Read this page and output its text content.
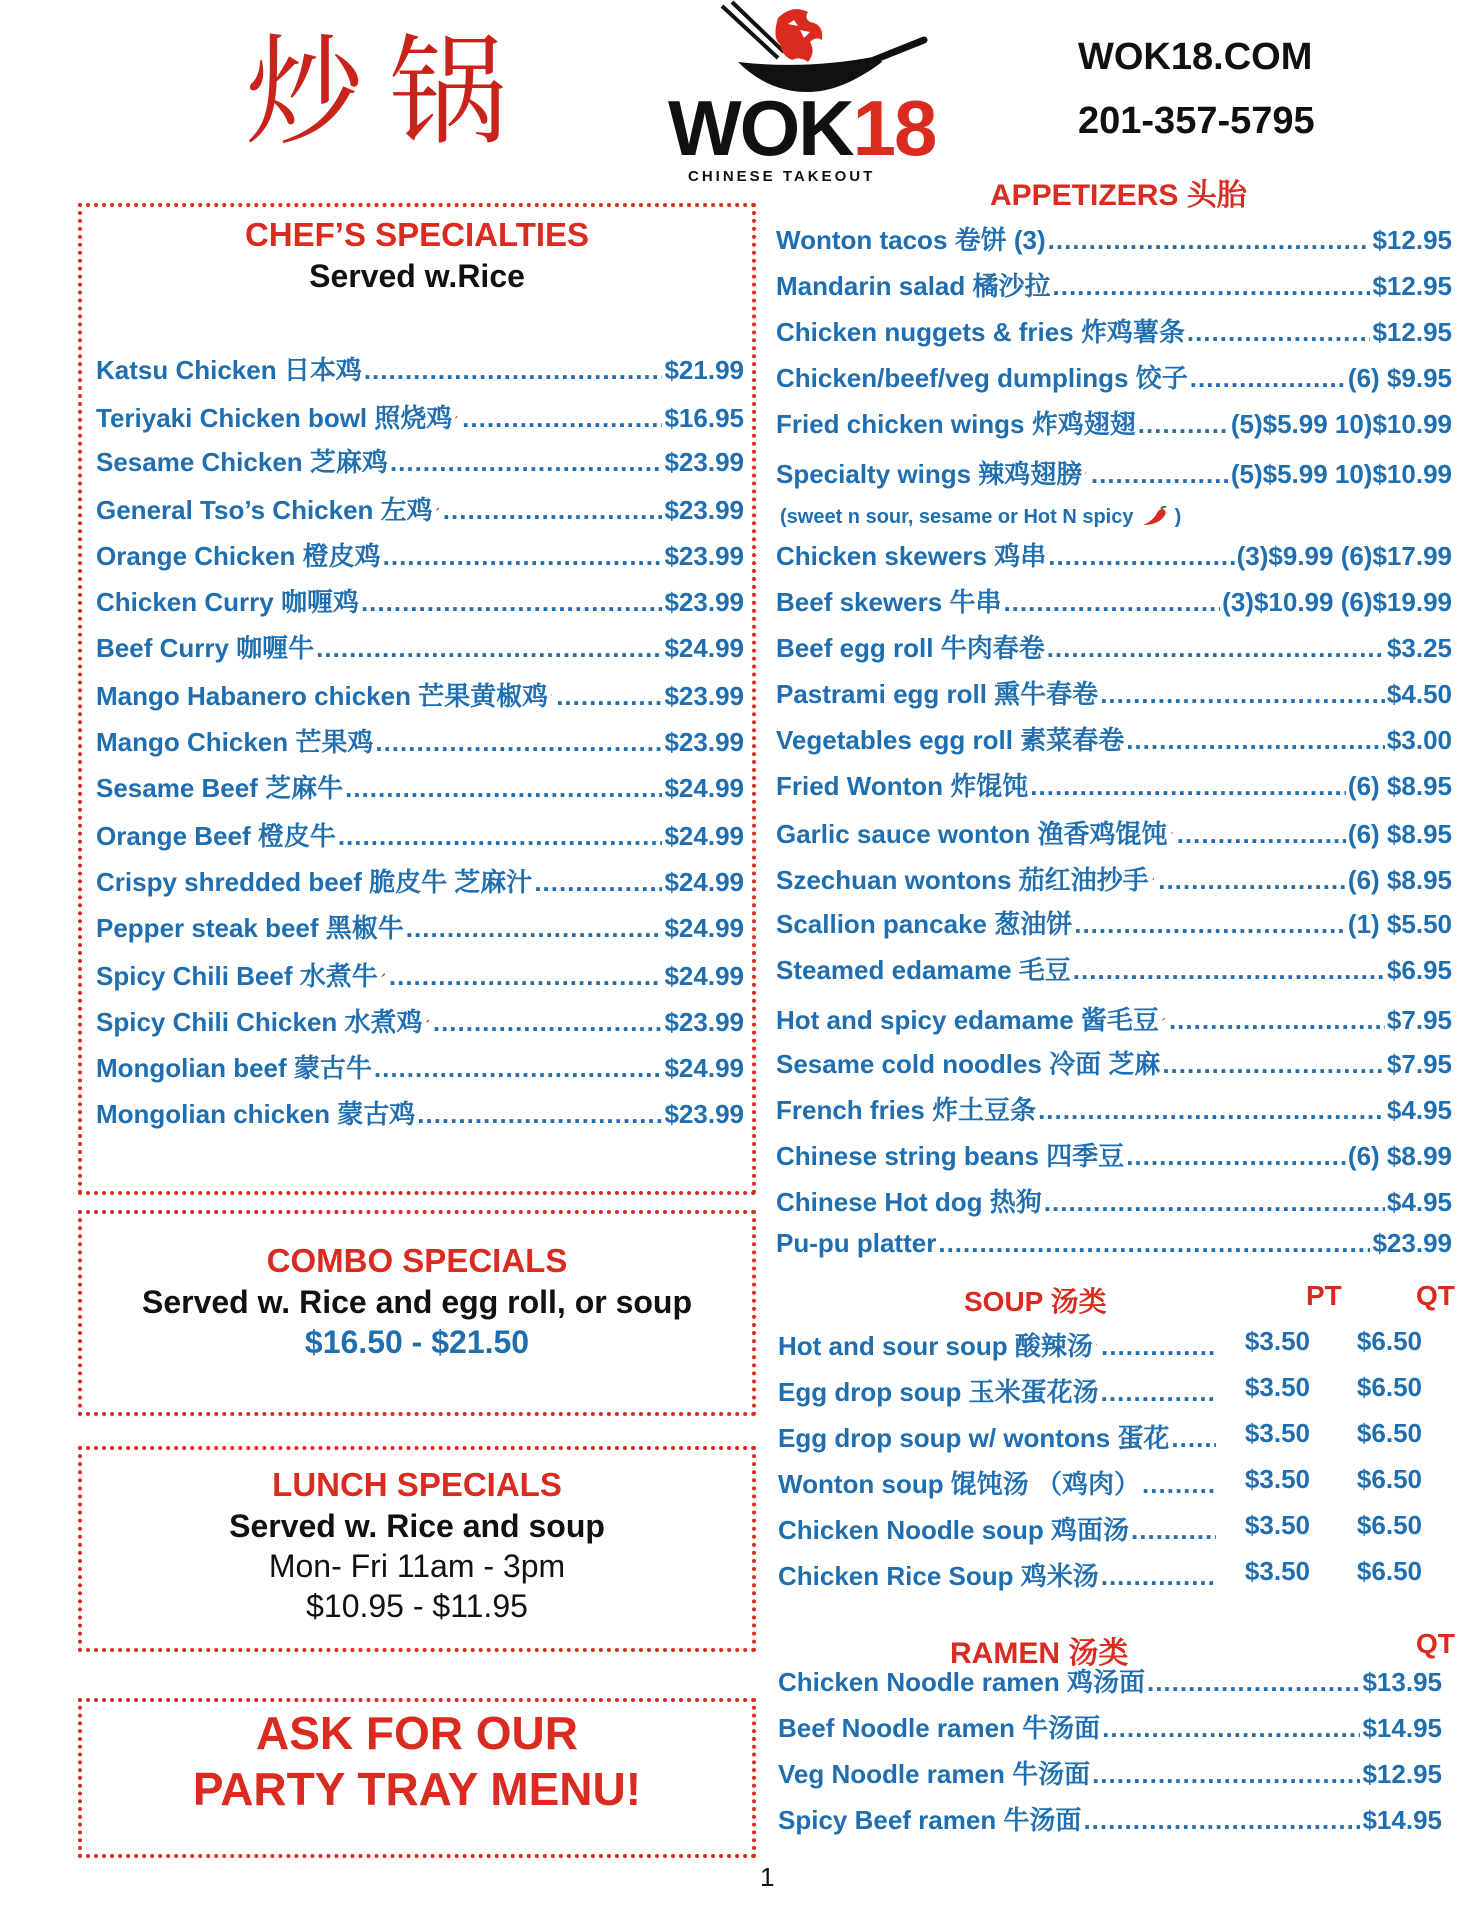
炒锅 WOK18
CHINESE TAKEOUT
WOK18.COM
201-357-5795
CHEF’S SPECIALTIES
Served w.Rice
Katsu Chicken 日本鸡 .....	$21.99
Teriyaki Chicken bowl 照烧鸡 .....	$16.95
Sesame Chicken 芝麻鸡 .....	$23.99
General Tso’s Chicken 左鸡 .....	$23.99
Orange Chicken 橙皮鸡 .....	$23.99
Chicken Curry 咖喱鸡 .....	$23.99
Beef Curry 咖喱牛 .....	$24.99
Mango Habanero chicken 芒果黄椒鸡 .....	$23.99
Mango Chicken 芒果鸡 .....	$23.99
Sesame Beef 芝麻牛 .....	$24.99
Orange Beef 橙皮牛 .....	$24.99
Crispy shredded beef 脆皮牛 芝麻汁 .....	$24.99
Pepper steak beef 黑椒牛 .....	$24.99
Spicy Chili Beef 水煮牛 .....	$24.99
Spicy Chili Chicken 水煮鸡 .....	$23.99
Mongolian beef 蒙古牛 .....	$24.99
Mongolian chicken 蒙古鸡 .....	$23.99
COMBO SPECIALS
Served w. Rice and egg roll, or soup
$16.50 - $21.50
LUNCH SPECIALS
Served w. Rice and soup
Mon- Fri 11am - 3pm
$10.95 - $11.95
ASK FOR OUR
PARTY TRAY MENU!
APPETIZERS 头胎
Wonton tacos 卷饼 (3) .....	$12.95
Mandarin salad 橘沙拉 .....	$12.95
Chicken nuggets & fries 炸鸡薯条 .....	$12.95
Chicken/beef/veg dumplings 饺子 .....	(6) $9.95
Fried chicken wings 炸鸡翅翅 .....	(5)$5.99 10)$10.99
Specialty wings 辣鸡翅膀 .....	(5)$5.99 10)$10.99
Chicken skewers 鸡串 .....	(3)$9.99 (6)$17.99
Beef skewers 牛串 .....	(3)$10.99 (6)$19.99
Beef egg roll 牛肉春卷 .....	$3.25
Pastrami egg roll 熏牛春卷 .....	$4.50
Vegetables egg roll 素菜春卷 .....	$3.00
Fried Wonton 炸馄饨 .....	(6) $8.95
Garlic sauce wonton 渔香鸡馄饨 .....	(6) $8.95
Szechuan wontons 茄红油抄手 .....	(6) $8.95
Scallion pancake 葱油饼 .....	(1) $5.50
Steamed edamame 毛豆 .....	$6.95
Hot and spicy edamame 酱毛豆 .....	$7.95
Sesame cold noodles 冷面 芝麻 .....	$7.95
French fries 炸土豆条 .....	$4.95
Chinese string beans 四季豆 .....	(6) $8.99
Chinese Hot dog 热狗 .....	$4.95
Pu-pu platter .....	$23.99
(sweet n sour, sesame or Hot N spicy )
SOUP 汤类	PT	QT
Hot and sour soup 酸辣汤 .....	$3.50	$6.50
Egg drop soup 玉米蛋花汤 .....	$3.50	$6.50
Egg drop soup w/ wontons 蛋花 .....	$3.50	$6.50
Wonton soup 馄饨汤 （鸡肉） .....	$3.50	$6.50
Chicken Noodle soup 鸡面汤 .....	$3.50	$6.50
Chicken Rice Soup 鸡米汤 .....	$3.50	$6.50
RAMEN 汤类	QT
Chicken Noodle ramen 鸡汤面 .....	$13.95
Beef Noodle ramen 牛汤面 .....	$14.95
Veg Noodle ramen 牛汤面 .....	$12.95
Spicy Beef ramen 牛汤面 .....	$14.95
1
